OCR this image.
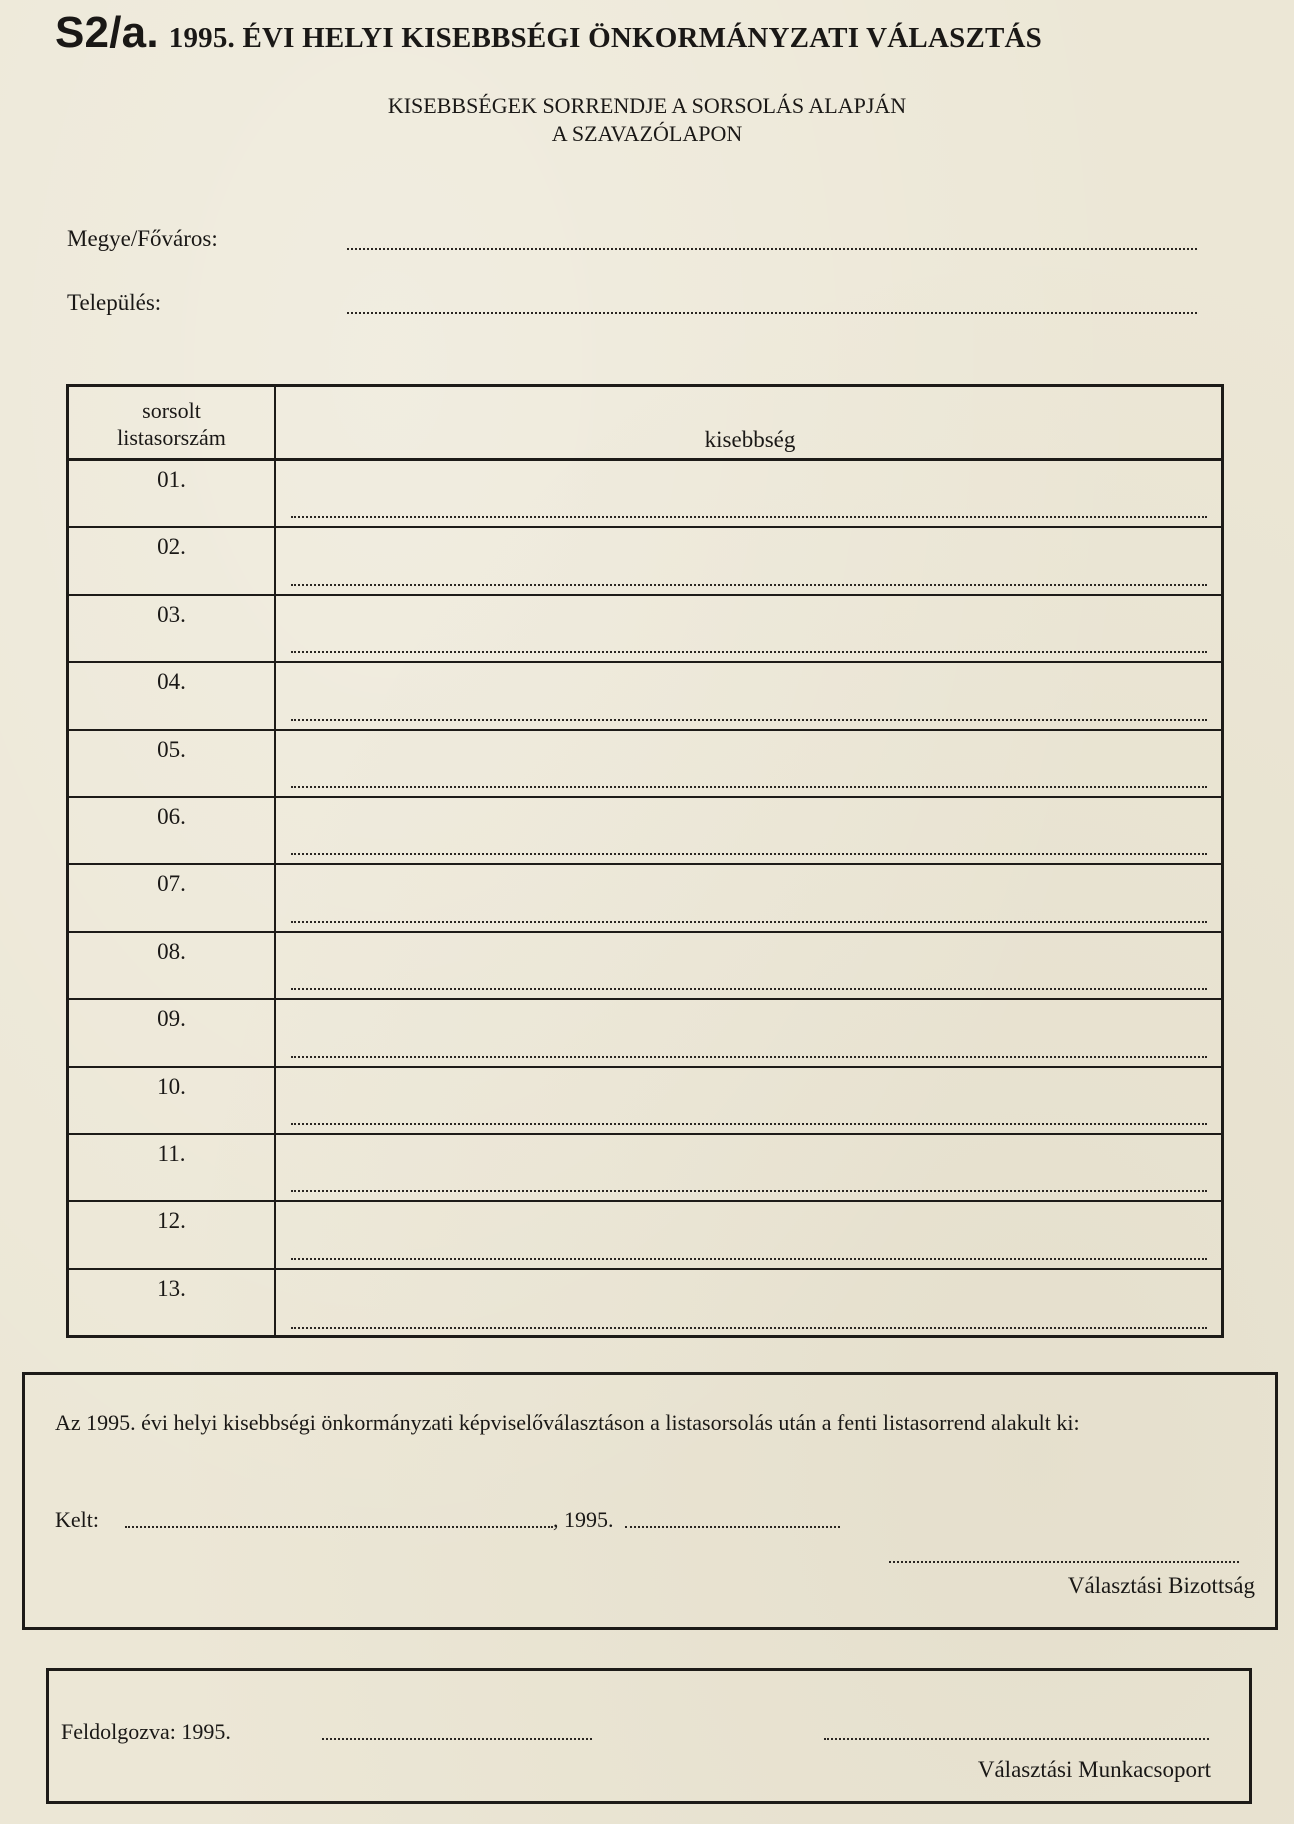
S2/a. 1995. ÉVI HELYI KISEBBSÉGI ÖNKORMÁNYZATI VÁLASZTÁS
KISEBBSÉGEK SORRENDJE A SORSOLÁS ALAPJÁN
A SZAVAZÓLAPON
Megye/Főváros:
Település:
sorsolt
listasorszám	kisebbség
01.
02.
03.
04.
05.
06.
07.
08.
09.
10.
11.
12.
13.
Az 1995. évi helyi kisebbségi önkormányzati képviselőválasztáson a listasorsolás után a fenti listasorrend alakult ki:
Kelt:	, 1995.
Választási Bizottság
Feldolgozva: 1995.
Választási Munkacsoport
